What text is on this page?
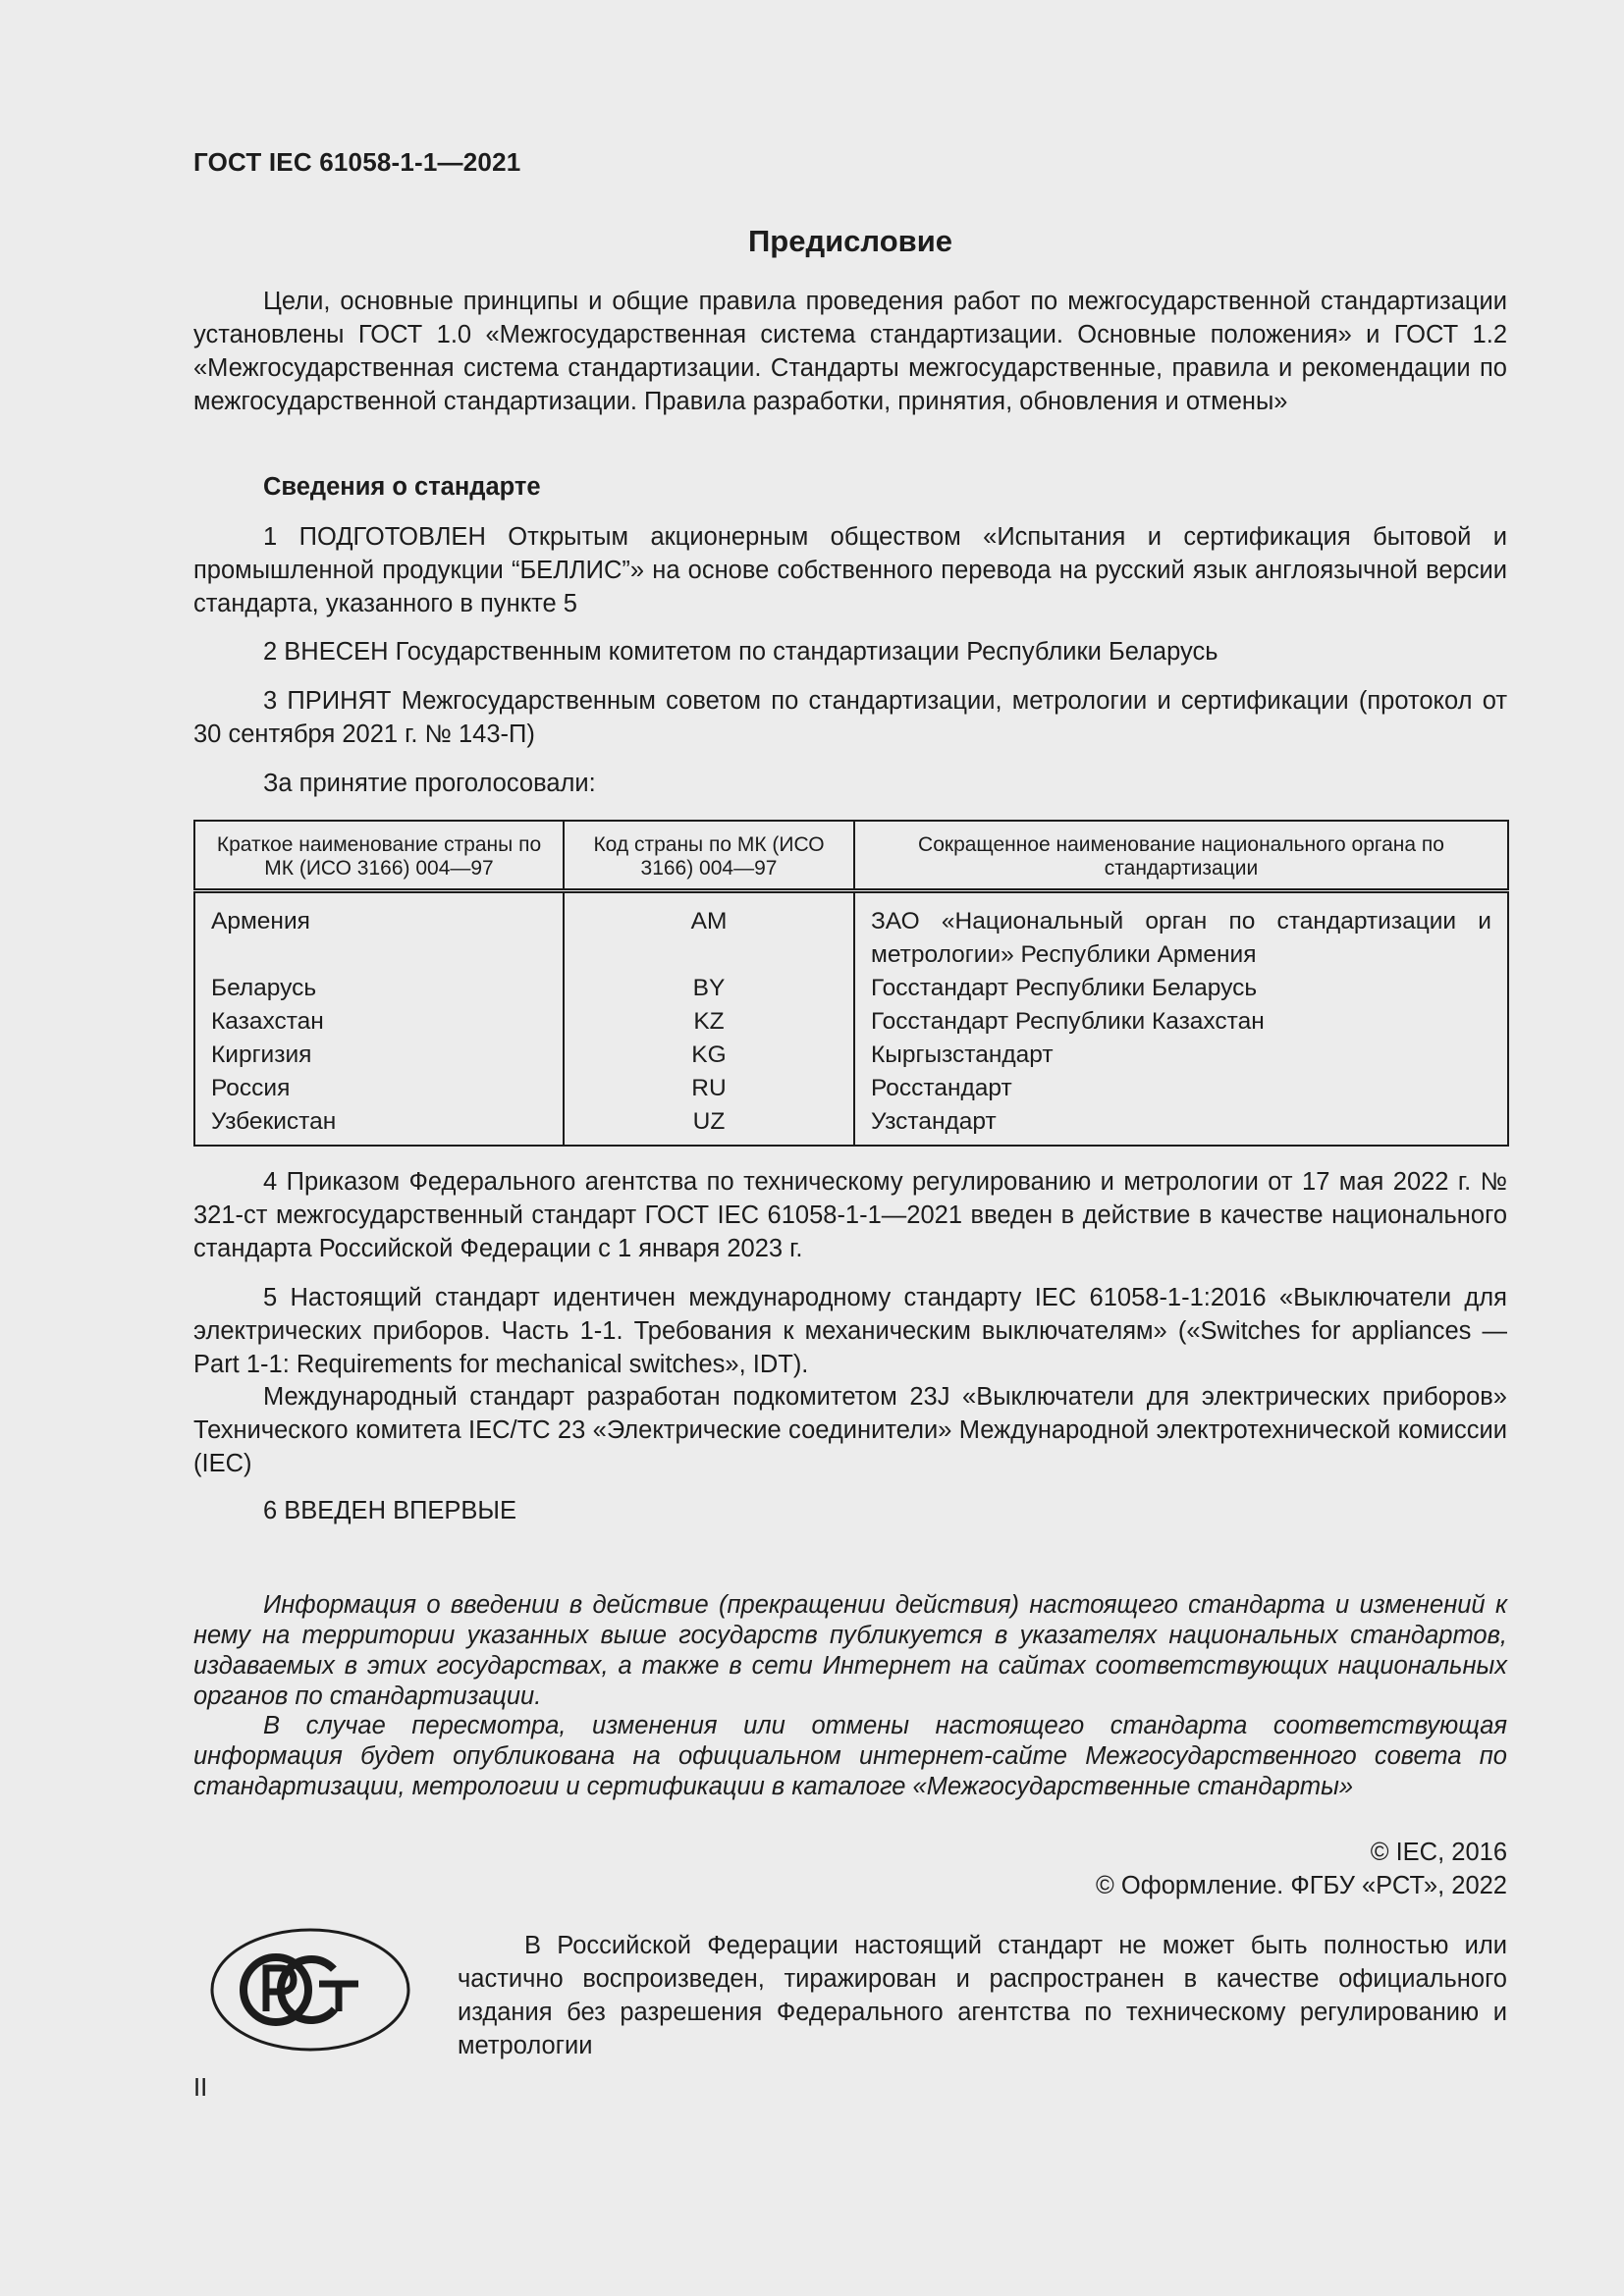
ГОСТ IEC 61058-1-1—2021
Предисловие

Цели, основные принципы и общие правила проведения работ по межгосударственной стандартизации установлены ГОСТ 1.0 «Межгосударственная система стандартизации. Основные положения» и ГОСТ 1.2 «Межгосударственная система стандартизации. Стандарты межгосударственные, правила и рекомендации по межгосударственной стандартизации. Правила разработки, принятия, обновления и отмены»

Сведения о стандарте

1 ПОДГОТОВЛЕН Открытым акционерным обществом «Испытания и сертификация бытовой и промышленной продукции “БЕЛЛИС”» на основе собственного перевода на русский язык англоязычной версии стандарта, указанного в пункте 5

2 ВНЕСЕН Государственным комитетом по стандартизации Республики Беларусь

3 ПРИНЯТ Межгосударственным советом по стандартизации, метрологии и сертификации (протокол от 30 сентября 2021 г. № 143-П)

За принятие проголосовали:

Краткое наименование страны по МК (ИСО 3166) 004—97	Код страны по МК (ИСО 3166) 004—97	Сокращенное наименование национального органа по стандартизации
Армения	AM	ЗАО «Национальный орган по стандартизации и метрологии» Республики Армения
Беларусь	BY	Госстандарт Республики Беларусь
Казахстан	KZ	Госстандарт Республики Казахстан
Киргизия	KG	Кыргызстандарт
Россия	RU	Росстандарт
Узбекистан	UZ	Узстандарт

4 Приказом Федерального агентства по техническому регулированию и метрологии от 17 мая 2022 г. № 321-ст межгосударственный стандарт ГОСТ IEC 61058-1-1—2021 введен в действие в качестве национального стандарта Российской Федерации с 1 января 2023 г.

5 Настоящий стандарт идентичен международному стандарту IEC 61058-1-1:2016 «Выключатели для электрических приборов. Часть 1-1. Требования к механическим выключателям» («Switches for appliances — Part 1-1: Requirements for mechanical switches», IDT).

Международный стандарт разработан подкомитетом 23J «Выключатели для электрических приборов» Технического комитета IEC/TC 23 «Электрические соединители» Международной электротехнической комиссии (IEC)

6 ВВЕДЕН ВПЕРВЫЕ

Информация о введении в действие (прекращении действия) настоящего стандарта и изменений к нему на территории указанных выше государств публикуется в указателях национальных стандартов, издаваемых в этих государствах, а также в сети Интернет на сайтах соответствующих национальных органов по стандартизации.

В случае пересмотра, изменения или отмены настоящего стандарта соответствующая информация будет опубликована на официальном интернет-сайте Межгосударственного совета по стандартизации, метрологии и сертификации в каталоге «Межгосударственные стандарты»

© IEC, 2016
© Оформление. ФГБУ «РСТ», 2022

В Российской Федерации настоящий стандарт не может быть полностью или частично воспроизведен, тиражирован и распространен в качестве официального издания без разрешения Федерального агентства по техническому регулированию и метрологии

II
